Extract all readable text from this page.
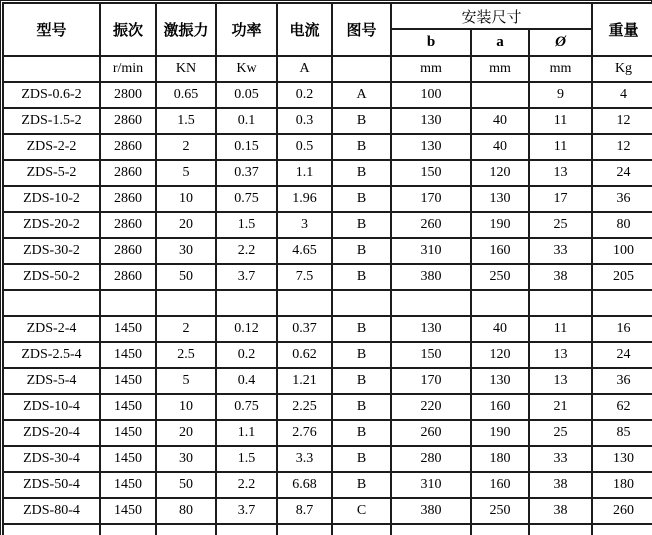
型号	振次	激振力	功率	电流	图号	安装尺寸			重量
						b	a	Ø	
	r/min	KN	Kw	A		mm	mm	mm	Kg
ZDS-0.6-2	2800	0.65	0.05	0.2	A	100		9	4
ZDS-1.5-2	2860	1.5	0.1	0.3	B	130	40	11	12
ZDS-2-2	2860	2	0.15	0.5	B	130	40	11	12
ZDS-5-2	2860	5	0.37	1.1	B	150	120	13	24
ZDS-10-2	2860	10	0.75	1.96	B	170	130	17	36
ZDS-20-2	2860	20	1.5	3	B	260	190	25	80
ZDS-30-2	2860	30	2.2	4.65	B	310	160	33	100
ZDS-50-2	2860	50	3.7	7.5	B	380	250	38	205

ZDS-2-4	1450	2	0.12	0.37	B	130	40	11	16
ZDS-2.5-4	1450	2.5	0.2	0.62	B	150	120	13	24
ZDS-5-4	1450	5	0.4	1.21	B	170	130	13	36
ZDS-10-4	1450	10	0.75	2.25	B	220	160	21	62
ZDS-20-4	1450	20	1.1	2.76	B	260	190	25	85
ZDS-30-4	1450	30	1.5	3.3	B	280	180	33	130
ZDS-50-4	1450	50	2.2	6.68	B	310	160	38	180
ZDS-80-4	1450	80	3.7	8.7	C	380	250	38	260
